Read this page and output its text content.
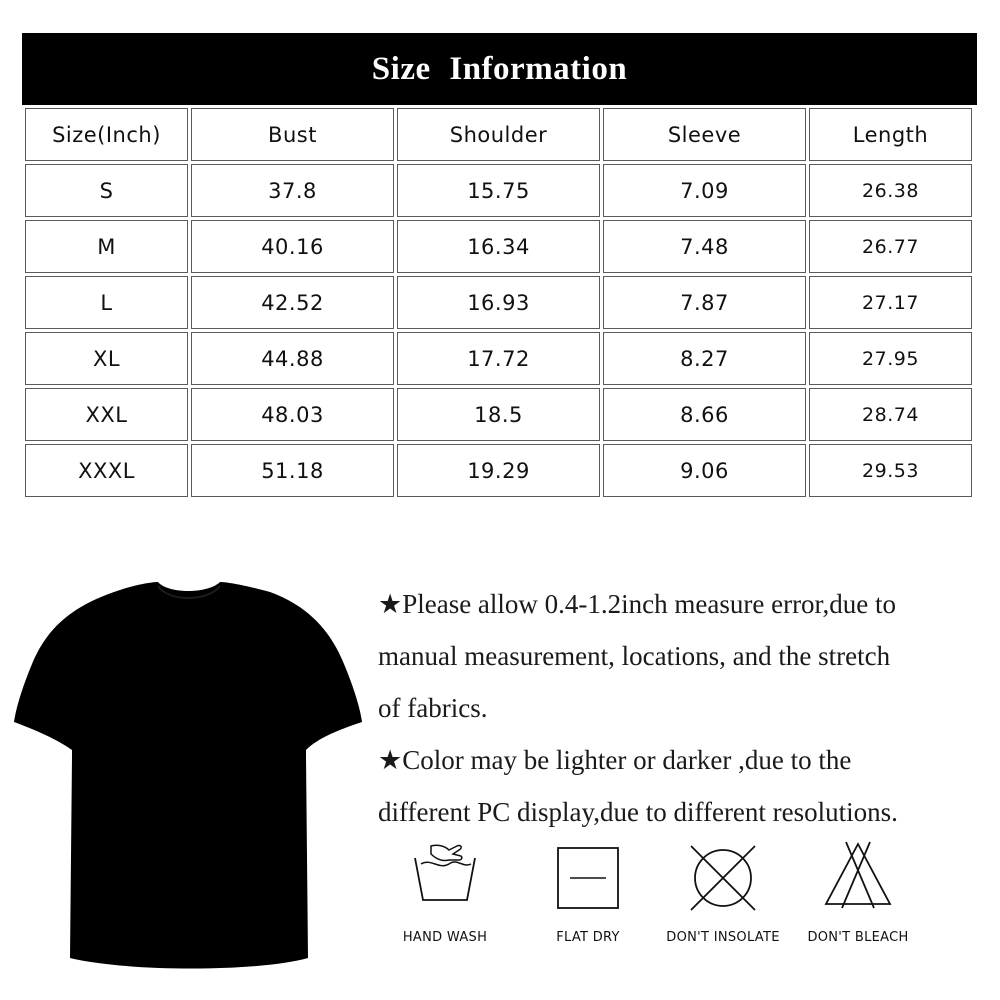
Size Information
Size(Inch)	Bust	Shoulder	Sleeve	Length
S	37.8	15.75	7.09	26.38
M	40.16	16.34	7.48	26.77
L	42.52	16.93	7.87	27.17
XL	44.88	17.72	8.27	27.95
XXL	48.03	18.5	8.66	28.74
XXXL	51.18	19.29	9.06	29.53

★Please allow 0.4-1.2inch measure error,due to

manual measurement, locations, and the stretch

of fabrics.

★Color may be lighter or darker ,due to the

different PC display,due to different resolutions.

HAND WASH	FLAT DRY	DON'T INSOLATE	DON'T BLEACH
